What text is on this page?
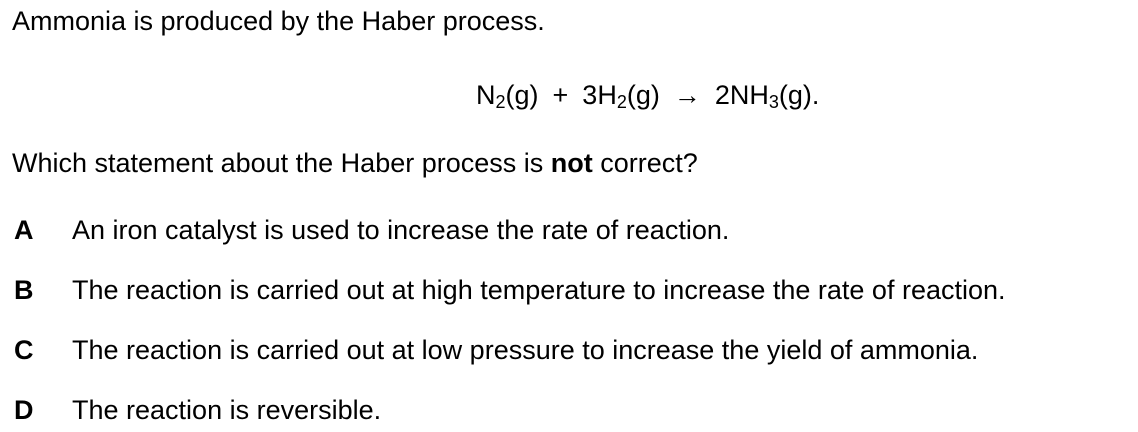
Ammonia is produced by the Haber process.
$N_2(g) + 3H_2(g) \to 2NH_3(g)$.
Which statement about the Haber process is not correct?
A	An iron catalyst is used to increase the rate of reaction.
B	The reaction is carried out at high temperature to increase the rate of reaction.
C	The reaction is carried out at low pressure to increase the yield of ammonia.
D	The reaction is reversible.
